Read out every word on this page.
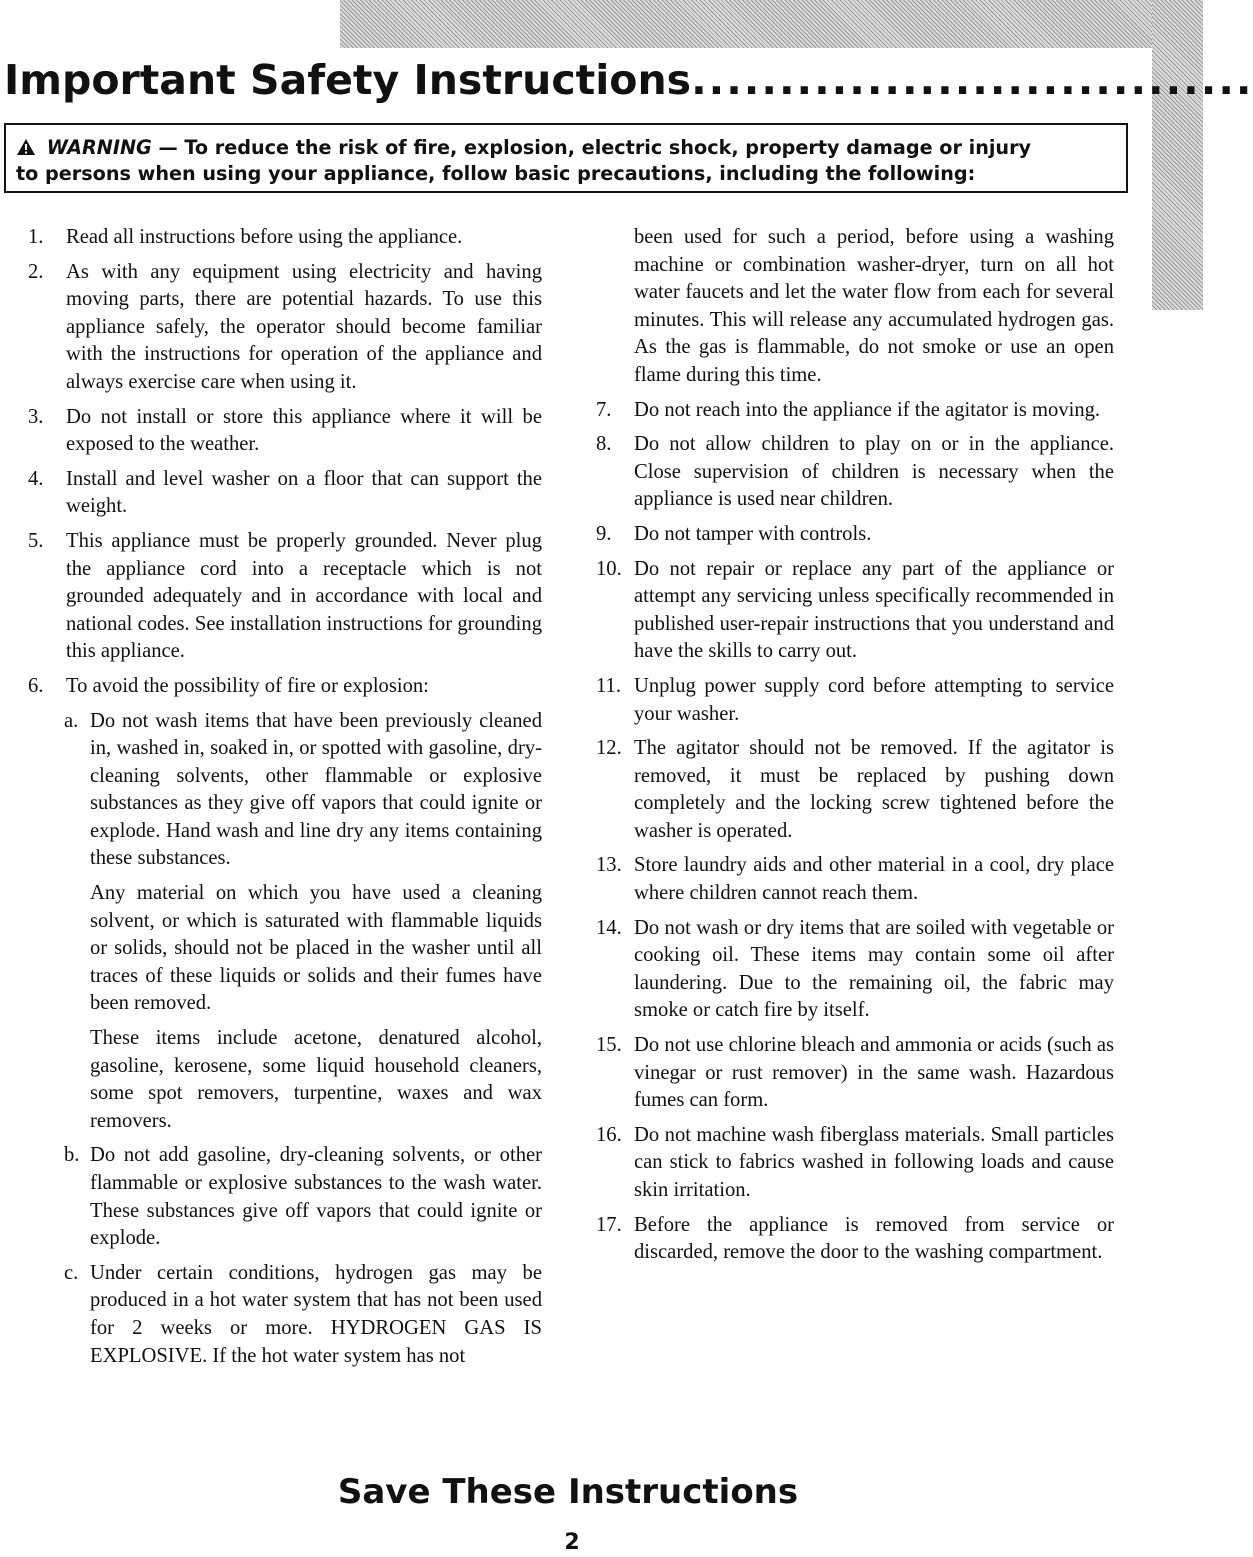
Important Safety Instructions................................
WARNING — To reduce the risk of fire, explosion, electric shock, property damage or injury
to persons when using your appliance, follow basic precautions, including the following:
1. Read all instructions before using the appliance.
2. As with any equipment using electricity and having moving parts, there are potential hazards. To use this appliance safely, the operator should become familiar with the instructions for operation of the appliance and always exercise care when using it.
3. Do not install or store this appliance where it will be exposed to the weather.
4. Install and level washer on a floor that can support the weight.
5. This appliance must be properly grounded. Never plug the appliance cord into a receptacle which is not grounded adequately and in accordance with local and national codes. See installation instructions for grounding this appliance.
6. To avoid the possibility of fire or explosion:
a. Do not wash items that have been previously cleaned in, washed in, soaked in, or spotted with gasoline, dry-cleaning solvents, other flammable or explosive substances as they give off vapors that could ignite or explode. Hand wash and line dry any items containing these substances.
Any material on which you have used a cleaning solvent, or which is saturated with flammable liquids or solids, should not be placed in the washer until all traces of these liquids or solids and their fumes have been removed.
These items include acetone, denatured alcohol, gasoline, kerosene, some liquid household cleaners, some spot removers, turpentine, waxes and wax removers.
b. Do not add gasoline, dry-cleaning solvents, or other flammable or explosive substances to the wash water. These substances give off vapors that could ignite or explode.
c. Under certain conditions, hydrogen gas may be produced in a hot water system that has not been used for 2 weeks or more. HYDROGEN GAS IS EXPLOSIVE. If the hot water system has not
been used for such a period, before using a washing machine or combination washer-dryer, turn on all hot water faucets and let the water flow from each for several minutes. This will release any accumulated hydrogen gas. As the gas is flammable, do not smoke or use an open flame during this time.
7. Do not reach into the appliance if the agitator is moving.
8. Do not allow children to play on or in the appliance. Close supervision of children is necessary when the appliance is used near children.
9. Do not tamper with controls.
10. Do not repair or replace any part of the appliance or attempt any servicing unless specifically recommended in published user-repair instructions that you understand and have the skills to carry out.
11. Unplug power supply cord before attempting to service your washer.
12. The agitator should not be removed. If the agitator is removed, it must be replaced by pushing down completely and the locking screw tightened before the washer is operated.
13. Store laundry aids and other material in a cool, dry place where children cannot reach them.
14. Do not wash or dry items that are soiled with vegetable or cooking oil. These items may contain some oil after laundering. Due to the remaining oil, the fabric may smoke or catch fire by itself.
15. Do not use chlorine bleach and ammonia or acids (such as vinegar or rust remover) in the same wash. Hazardous fumes can form.
16. Do not machine wash fiberglass materials. Small particles can stick to fabrics washed in following loads and cause skin irritation.
17. Before the appliance is removed from service or discarded, remove the door to the washing compartment.
Save These Instructions
2
